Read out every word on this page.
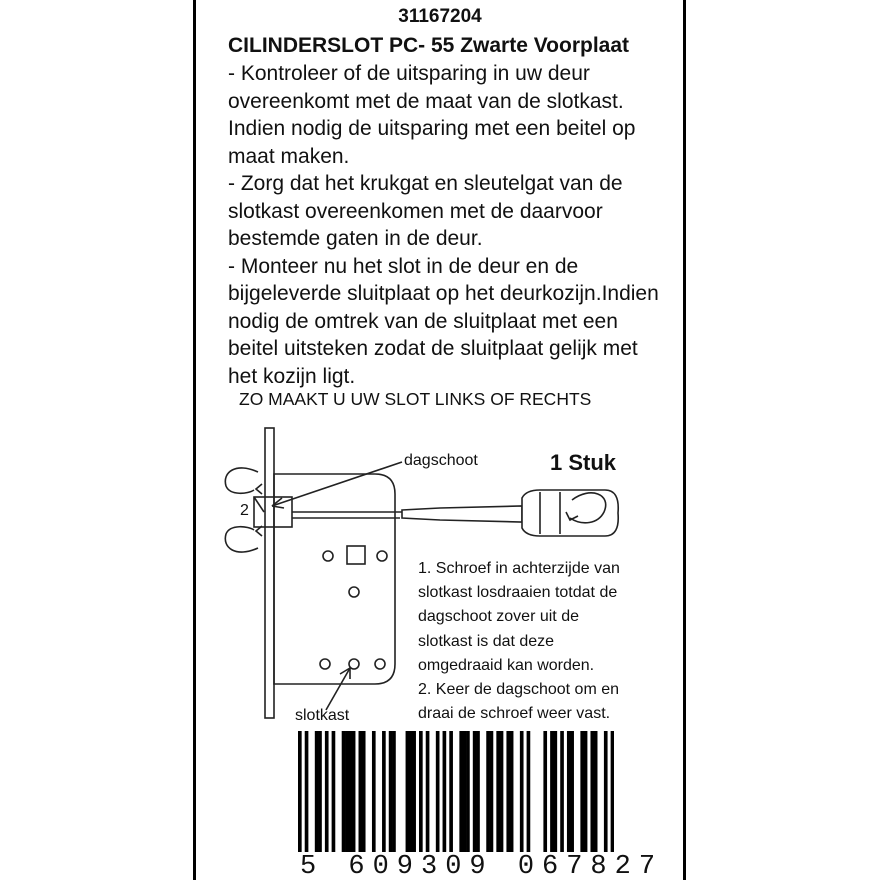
31167204
CILINDERSLOT PC- 55 Zwarte Voorplaat
- Kontroleer of de uitsparing in uw deur
overeenkomt met de maat van de slotkast.
Indien nodig de uitsparing met een beitel op
maat maken.
- Zorg dat het krukgat en sleutelgat van de
slotkast overeenkomen met de daarvoor
bestemde gaten in de deur.
- Monteer nu het slot in de deur en de
bijgeleverde sluitplaat op het deurkozijn.Indien
nodig de omtrek van de sluitplaat met een
beitel uitsteken zodat de sluitplaat gelijk met
het kozijn ligt.
ZO MAAKT U UW SLOT LINKS OF RECHTS
dagschoot
2
slotkast
1 Stuk
1. Schroef in achterzijde van
slotkast losdraaien totdat de
dagschoot zover uit de
slotkast is dat deze
omgedraaid kan worden.
2. Keer de dagschoot om en
draai de schroef weer vast.
5 609309 067827
